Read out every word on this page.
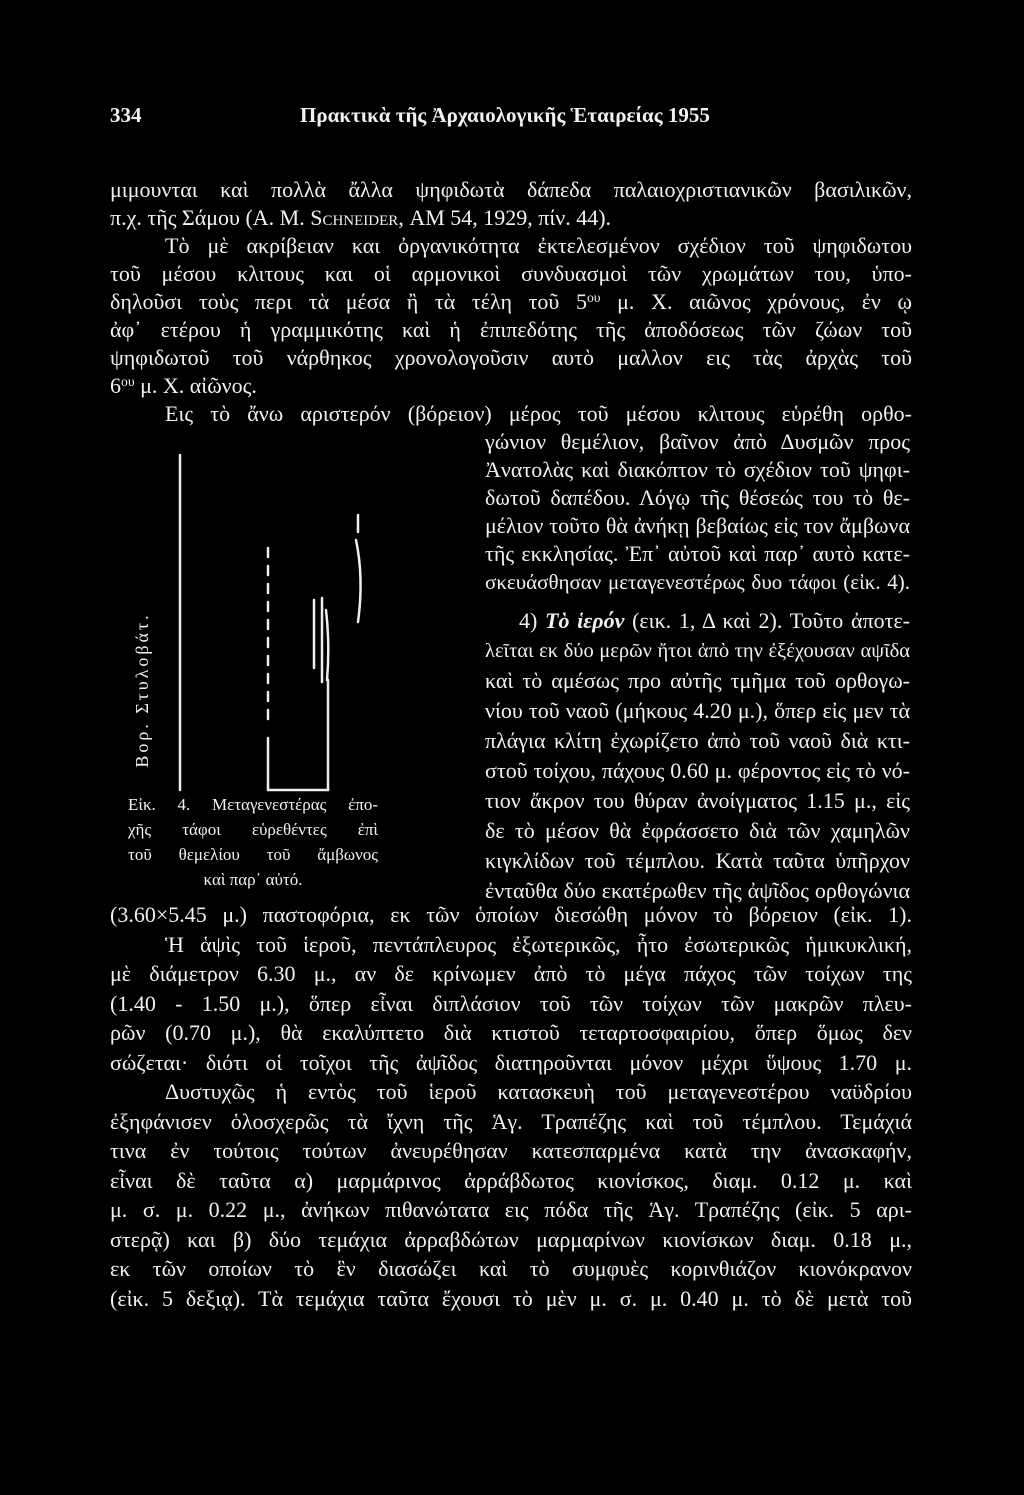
334	Πρακτικὰ τῆς Ἀρχαιολογικῆς Ἑταιρείας 1955
μιμουνται καὶ πολλὰ ἄλλα ψηφιδωτὰ δάπεδα παλαιοχριστιανικῶν βασιλικῶν,
π.χ. τῆς Σάμου (Α. Μ. Schneider, ΑΜ 54, 1929, πίν. 44).
Τὸ μὲ ακρίβειαν και ὀργανικότητα ἐκτελεσμένον σχέδιον τοῦ ψηφιδωτου
τοῦ μέσου κλιτους και οἱ αρμονικοὶ συνδυασμοὶ τῶν χρωμάτων του, ὑπο-
δηλοῦσι τοὺς περι τὰ μέσα ἢ τὰ τέλη τοῦ $5^{o\upsilon}$ μ. Χ. αιῶνος χρόνους, ἐν ῳ
ἀφ᾽ ετέρου ἡ γραμμικότης καὶ ἡ ἐπιπεδότης τῆς ἀποδόσεως τῶν ζώων τοῦ
ψηφιδωτοῦ τοῦ νάρθηκος χρονολογοῦσιν αυτὸ μαλλον εις τὰς ἀρχὰς τοῦ
$6^{o\upsilon}$ μ. Χ. αἰῶνος.
Εις τὸ ἄνω αριστερόν (βόρειον) μέρος τοῦ μέσου κλιτους εὑρέθη ορθο-
γώνιον θεμέλιον, βαῖνον ἀπὸ Δυσμῶν προς
Ἀνατολὰς καὶ διακόπτον τὸ σχέδιον τοῦ ψηφι-
δωτοῦ δαπέδου. Λόγῳ τῆς θέσεώς του τὸ θε-
μέλιον τοῦτο θὰ ἀνήκῃ βεβαίως εἰς τον ἄμβωνα
τῆς εκκλησίας. Ἐπ᾽ αὐτοῦ καὶ παρ᾽ αυτὸ κατε-
σκευάσθησαν μεταγενεστέρως δυο τάφοι (εἰκ. 4).
4) Τὸ ἱερόν (εικ. 1, Δ καὶ 2). Τοῦτο ἀποτε-
λεῖται εκ δύο μερῶν ἤτοι ἀπὸ την ἐξέχουσαν αψῖδα
καὶ τὸ αμέσως προ αὐτῆς τμῆμα τοῦ ορθογω-
νίου τοῦ ναοῦ (μήκους 4.20 μ.), ὅπερ εἰς μεν τὰ
πλάγια κλίτη ἐχωρίζετο ἀπὸ τοῦ ναοῦ διὰ κτι-
στοῦ τοίχου, πάχους 0.60 μ. φέροντος εἰς τὸ νό-
τιον ἄκρον του θύραν ἀνοίγματος 1.15 μ., εἰς
δε τὸ μέσον θὰ ἐφράσσετο διὰ τῶν χαμηλῶν
κιγκλίδων τοῦ τέμπλου. Κατὰ ταῦτα ὑπῆρχον
ἐνταῦθα δύο εκατέρωθεν τῆς ἀψῖδος ορθογώνια
Βορ. Στυλοβάτ.
Εἰκ. 4. Μεταγενεστέρας ἐπο-
χῆς τάφοι εὑρεθέντες ἐπὶ
τοῦ θεμελίου τοῦ ἄμβωνος
καὶ παρ᾽ αὐτό.
(3.60×5.45 μ.) παστοφόρια, εκ τῶν ὁποίων διεσώθη μόνον τὸ βόρειον (εἰκ. 1).
Ἡ ἁψὶς τοῦ ἱεροῦ, πεντάπλευρος ἐξωτερικῶς, ἦτο ἐσωτερικῶς ἡμικυκλική,
μὲ διάμετρον 6.30 μ., αν δε κρίνωμεν ἀπὸ τὸ μέγα πάχος τῶν τοίχων της
(1.40 - 1.50 μ.), ὅπερ εἶναι διπλάσιον τοῦ τῶν τοίχων τῶν μακρῶν πλευ-
ρῶν (0.70 μ.), θὰ εκαλύπτετο διὰ κτιστοῦ τεταρτοσφαιρίου, ὅπερ ὅμως δεν
σώζεται· διότι οἱ τοῖχοι τῆς ἀψῖδος διατηροῦνται μόνον μέχρι ὕψους 1.70 μ.
Δυστυχῶς ἡ εντὸς τοῦ ἱεροῦ κατασκευὴ τοῦ μεταγενεστέρου ναϋδρίου
ἐξηφάνισεν ὁλοσχερῶς τὰ ἴχνη τῆς Ἁγ. Τραπέζης καὶ τοῦ τέμπλου. Τεμάχιά
τινα ἐν τούτοις τούτων ἀνευρέθησαν κατεσπαρμένα κατὰ την ἀνασκαφήν,
εἶναι δὲ ταῦτα α) μαρμάρινος ἀρράβδωτος κιονίσκος, διαμ. 0.12 μ. καὶ
μ. σ. μ. 0.22 μ., ἀνήκων πιθανώτατα εις πόδα τῆς Ἁγ. Τραπέζης (εἰκ. 5 αρι-
στερᾷ) και β) δύο τεμάχια ἀρραβδώτων μαρμαρίνων κιονίσκων διαμ. 0.18 μ.,
εκ τῶν οποίων τὸ ἓν διασώζει καὶ τὸ συμφυὲς κορινθιάζον κιονόκρανον
(εἰκ. 5 δεξιᾳ). Τὰ τεμάχια ταῦτα ἔχουσι τὸ μὲν μ. σ. μ. 0.40 μ. τὸ δὲ μετὰ τοῦ
